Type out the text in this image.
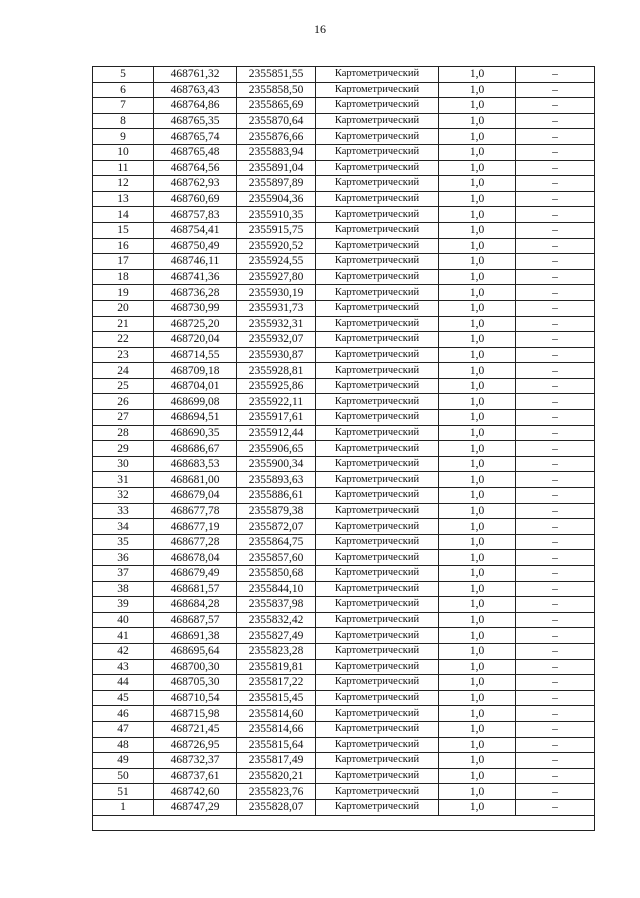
16
5	468761,32	2355851,55	Картометрический	1,0	–
6	468763,43	2355858,50	Картометрический	1,0	–
7	468764,86	2355865,69	Картометрический	1,0	–
8	468765,35	2355870,64	Картометрический	1,0	–
9	468765,74	2355876,66	Картометрический	1,0	–
10	468765,48	2355883,94	Картометрический	1,0	–
11	468764,56	2355891,04	Картометрический	1,0	–
12	468762,93	2355897,89	Картометрический	1,0	–
13	468760,69	2355904,36	Картометрический	1,0	–
14	468757,83	2355910,35	Картометрический	1,0	–
15	468754,41	2355915,75	Картометрический	1,0	–
16	468750,49	2355920,52	Картометрический	1,0	–
17	468746,11	2355924,55	Картометрический	1,0	–
18	468741,36	2355927,80	Картометрический	1,0	–
19	468736,28	2355930,19	Картометрический	1,0	–
20	468730,99	2355931,73	Картометрический	1,0	–
21	468725,20	2355932,31	Картометрический	1,0	–
22	468720,04	2355932,07	Картометрический	1,0	–
23	468714,55	2355930,87	Картометрический	1,0	–
24	468709,18	2355928,81	Картометрический	1,0	–
25	468704,01	2355925,86	Картометрический	1,0	–
26	468699,08	2355922,11	Картометрический	1,0	–
27	468694,51	2355917,61	Картометрический	1,0	–
28	468690,35	2355912,44	Картометрический	1,0	–
29	468686,67	2355906,65	Картометрический	1,0	–
30	468683,53	2355900,34	Картометрический	1,0	–
31	468681,00	2355893,63	Картометрический	1,0	–
32	468679,04	2355886,61	Картометрический	1,0	–
33	468677,78	2355879,38	Картометрический	1,0	–
34	468677,19	2355872,07	Картометрический	1,0	–
35	468677,28	2355864,75	Картометрический	1,0	–
36	468678,04	2355857,60	Картометрический	1,0	–
37	468679,49	2355850,68	Картометрический	1,0	–
38	468681,57	2355844,10	Картометрический	1,0	–
39	468684,28	2355837,98	Картометрический	1,0	–
40	468687,57	2355832,42	Картометрический	1,0	–
41	468691,38	2355827,49	Картометрический	1,0	–
42	468695,64	2355823,28	Картометрический	1,0	–
43	468700,30	2355819,81	Картометрический	1,0	–
44	468705,30	2355817,22	Картометрический	1,0	–
45	468710,54	2355815,45	Картометрический	1,0	–
46	468715,98	2355814,60	Картометрический	1,0	–
47	468721,45	2355814,66	Картометрический	1,0	–
48	468726,95	2355815,64	Картометрический	1,0	–
49	468732,37	2355817,49	Картометрический	1,0	–
50	468737,61	2355820,21	Картометрический	1,0	–
51	468742,60	2355823,76	Картометрический	1,0	–
1	468747,29	2355828,07	Картометрический	1,0	–
